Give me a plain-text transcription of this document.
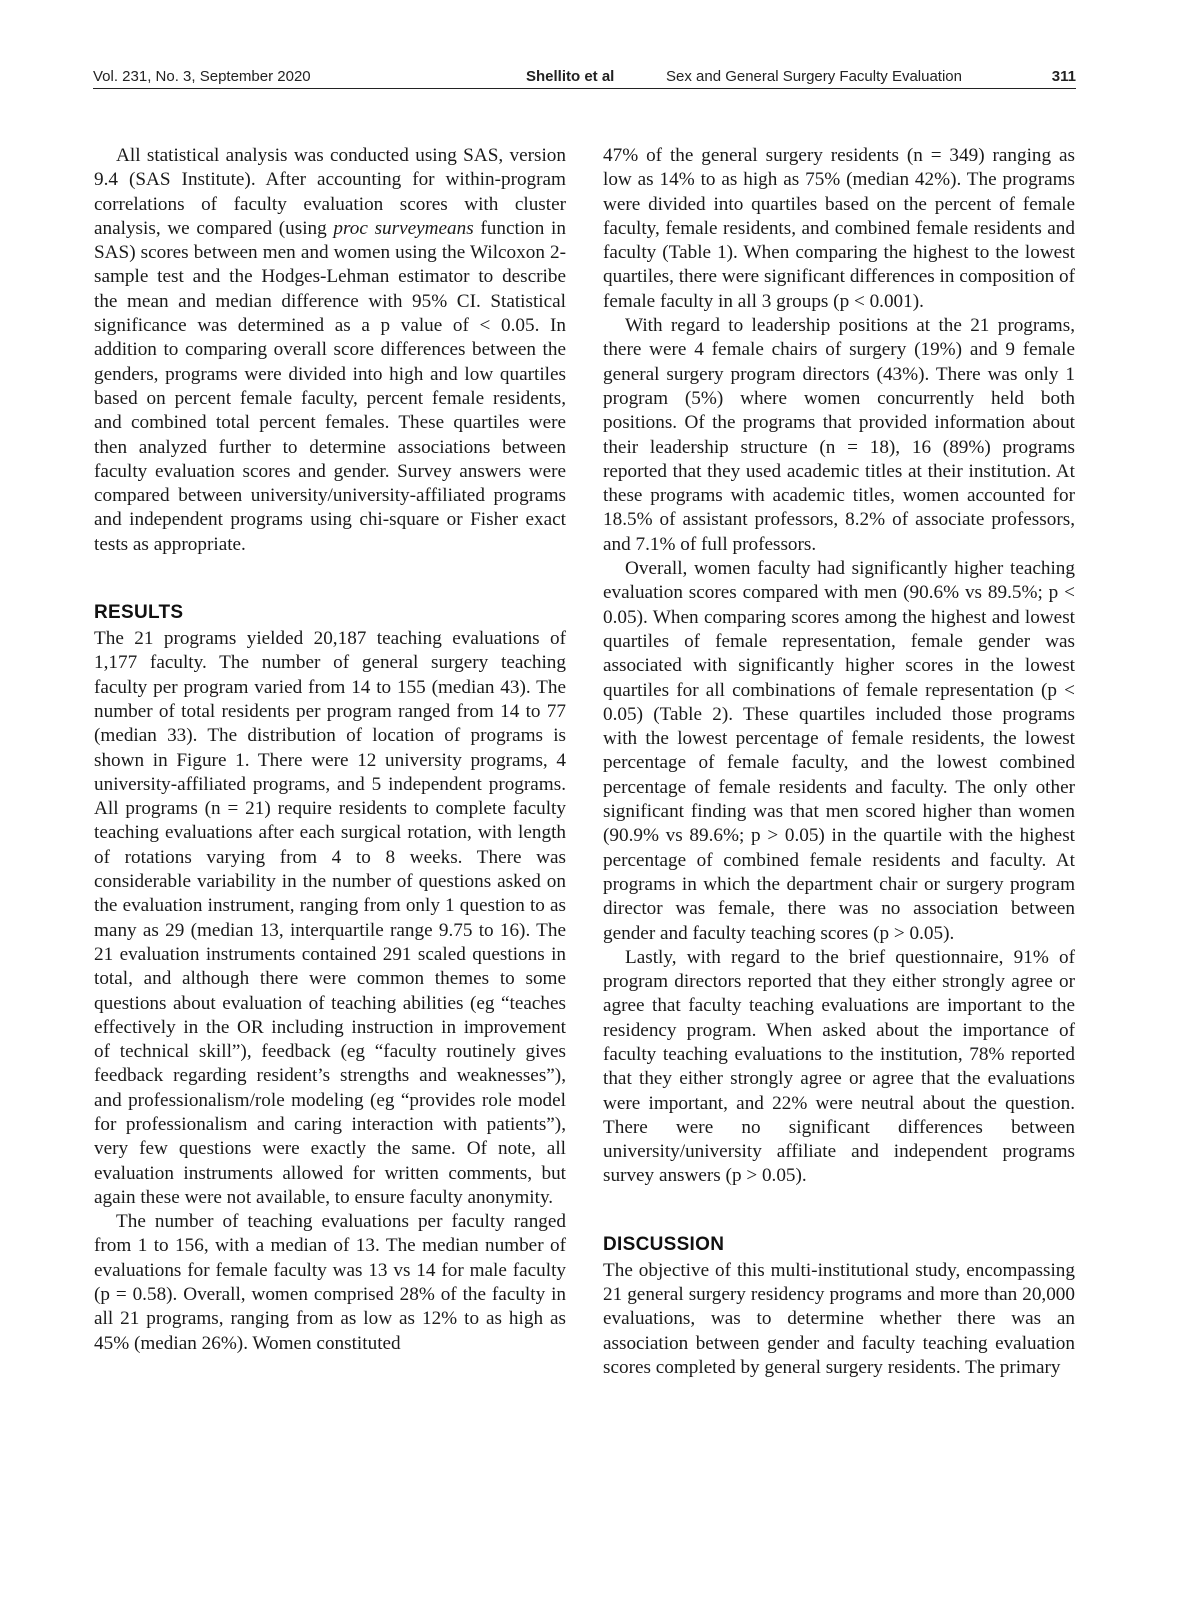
Vol. 231, No. 3, September 2020	Shellito et al	Sex and General Surgery Faculty Evaluation	311

All statistical analysis was conducted using SAS, version 9.4 (SAS Institute). After accounting for within-program correlations of faculty evaluation scores with cluster analysis, we compared (using proc surveymeans function in SAS) scores between men and women using the Wilcoxon 2-sample test and the Hodges-Lehman estimator to describe the mean and median difference with 95% CI. Statistical significance was determined as a p value of < 0.05. In addition to comparing overall score differences between the genders, programs were divided into high and low quartiles based on percent female faculty, percent female residents, and combined total percent females. These quartiles were then analyzed further to determine associations between faculty evaluation scores and gender. Survey answers were compared between university/university-affiliated programs and independent programs using chi-square or Fisher exact tests as appropriate.

RESULTS

The 21 programs yielded 20,187 teaching evaluations of 1,177 faculty. The number of general surgery teaching faculty per program varied from 14 to 155 (median 43). The number of total residents per program ranged from 14 to 77 (median 33). The distribution of location of programs is shown in Figure 1. There were 12 university programs, 4 university-affiliated programs, and 5 independent programs. All programs (n = 21) require residents to complete faculty teaching evaluations after each surgical rotation, with length of rotations varying from 4 to 8 weeks. There was considerable variability in the number of questions asked on the evaluation instrument, ranging from only 1 question to as many as 29 (median 13, interquartile range 9.75 to 16). The 21 evaluation instruments contained 291 scaled questions in total, and although there were common themes to some questions about evaluation of teaching abilities (eg “teaches effectively in the OR including instruction in improvement of technical skill”), feedback (eg “faculty routinely gives feedback regarding resident’s strengths and weaknesses”), and professionalism/role modeling (eg “provides role model for professionalism and caring interaction with patients”), very few questions were exactly the same. Of note, all evaluation instruments allowed for written comments, but again these were not available, to ensure faculty anonymity.

The number of teaching evaluations per faculty ranged from 1 to 156, with a median of 13. The median number of evaluations for female faculty was 13 vs 14 for male faculty (p = 0.58). Overall, women comprised 28% of the faculty in all 21 programs, ranging from as low as 12% to as high as 45% (median 26%). Women constituted

47% of the general surgery residents (n = 349) ranging as low as 14% to as high as 75% (median 42%). The programs were divided into quartiles based on the percent of female faculty, female residents, and combined female residents and faculty (Table 1). When comparing the highest to the lowest quartiles, there were significant differences in composition of female faculty in all 3 groups (p < 0.001).

With regard to leadership positions at the 21 programs, there were 4 female chairs of surgery (19%) and 9 female general surgery program directors (43%). There was only 1 program (5%) where women concurrently held both positions. Of the programs that provided information about their leadership structure (n = 18), 16 (89%) programs reported that they used academic titles at their institution. At these programs with academic titles, women accounted for 18.5% of assistant professors, 8.2% of associate professors, and 7.1% of full professors.

Overall, women faculty had significantly higher teaching evaluation scores compared with men (90.6% vs 89.5%; p < 0.05). When comparing scores among the highest and lowest quartiles of female representation, female gender was associated with significantly higher scores in the lowest quartiles for all combinations of female representation (p < 0.05) (Table 2). These quartiles included those programs with the lowest percentage of female residents, the lowest percentage of female faculty, and the lowest combined percentage of female residents and faculty. The only other significant finding was that men scored higher than women (90.9% vs 89.6%; p > 0.05) in the quartile with the highest percentage of combined female residents and faculty. At programs in which the department chair or surgery program director was female, there was no association between gender and faculty teaching scores (p > 0.05).

Lastly, with regard to the brief questionnaire, 91% of program directors reported that they either strongly agree or agree that faculty teaching evaluations are important to the residency program. When asked about the importance of faculty teaching evaluations to the institution, 78% reported that they either strongly agree or agree that the evaluations were important, and 22% were neutral about the question. There were no significant differences between university/university affiliate and independent programs survey answers (p > 0.05).

DISCUSSION

The objective of this multi-institutional study, encompassing 21 general surgery residency programs and more than 20,000 evaluations, was to determine whether there was an association between gender and faculty teaching evaluation scores completed by general surgery residents. The primary
